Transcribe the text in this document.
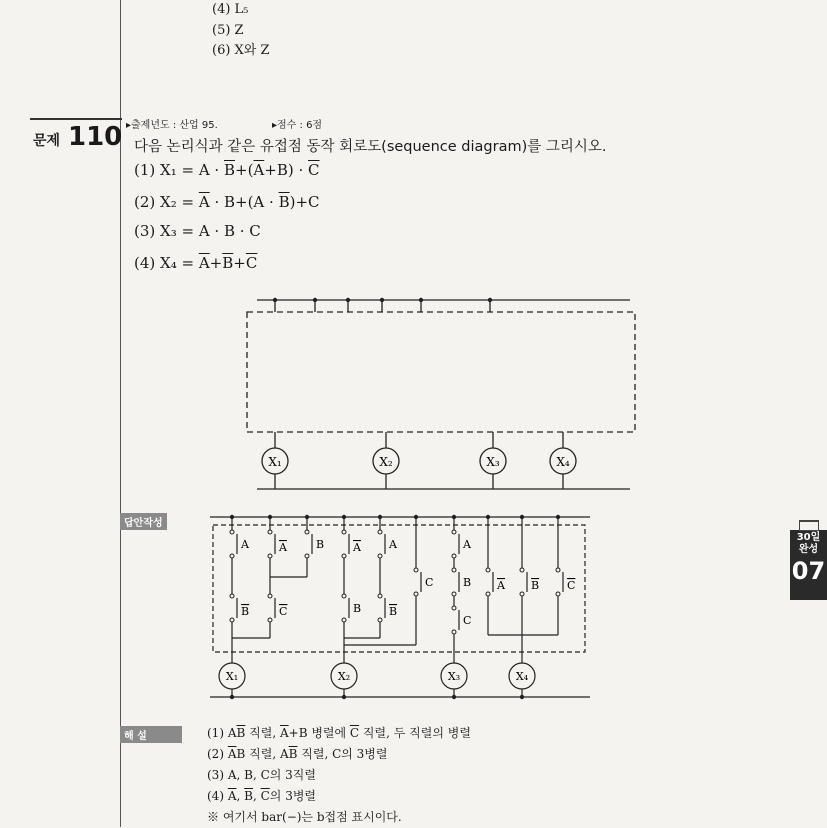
(4) L₅
(5) Z
(6) X와 Z
문제 110 ▸출제년도 : 산업 95.	▸점수 : 6점
다음 논리식과 같은 유접점 동작 회로도(sequence diagram)를 그리시오.
(1) $X_1 = A \cdot \overline{B}+(\overline{A}+B) \cdot \overline{C}$
(2) $X_2 = \overline{A} \cdot B+(A \cdot \overline{B})+C$
(3) X₃ = A · B · C
(4) $X_4 = \overline{A}+\overline{B}+\overline{C}$
X₁	X₂	X₃	X₄
답안작성
A	A	B	A	A	A
C	B A B	C
B	C	B	B
C
X₁	X₂	X₃	X₄
해 설	(1) $A\overline{B}$ 직렬, $\overline{A}+B$ 병렬에 $\overline{C}$ 직렬, 두 직렬의 병렬
(2) $\overline{A}B$ 직렬, $A\overline{B}$ 직렬, C의 3병렬
(3) A, B, C의 3직렬
(4) $\overline{A}$, $\overline{B}$, $\overline{C}$의 3병렬
※ 여기서 bar(−)는 b접점 표시이다.
30일
완성
07
